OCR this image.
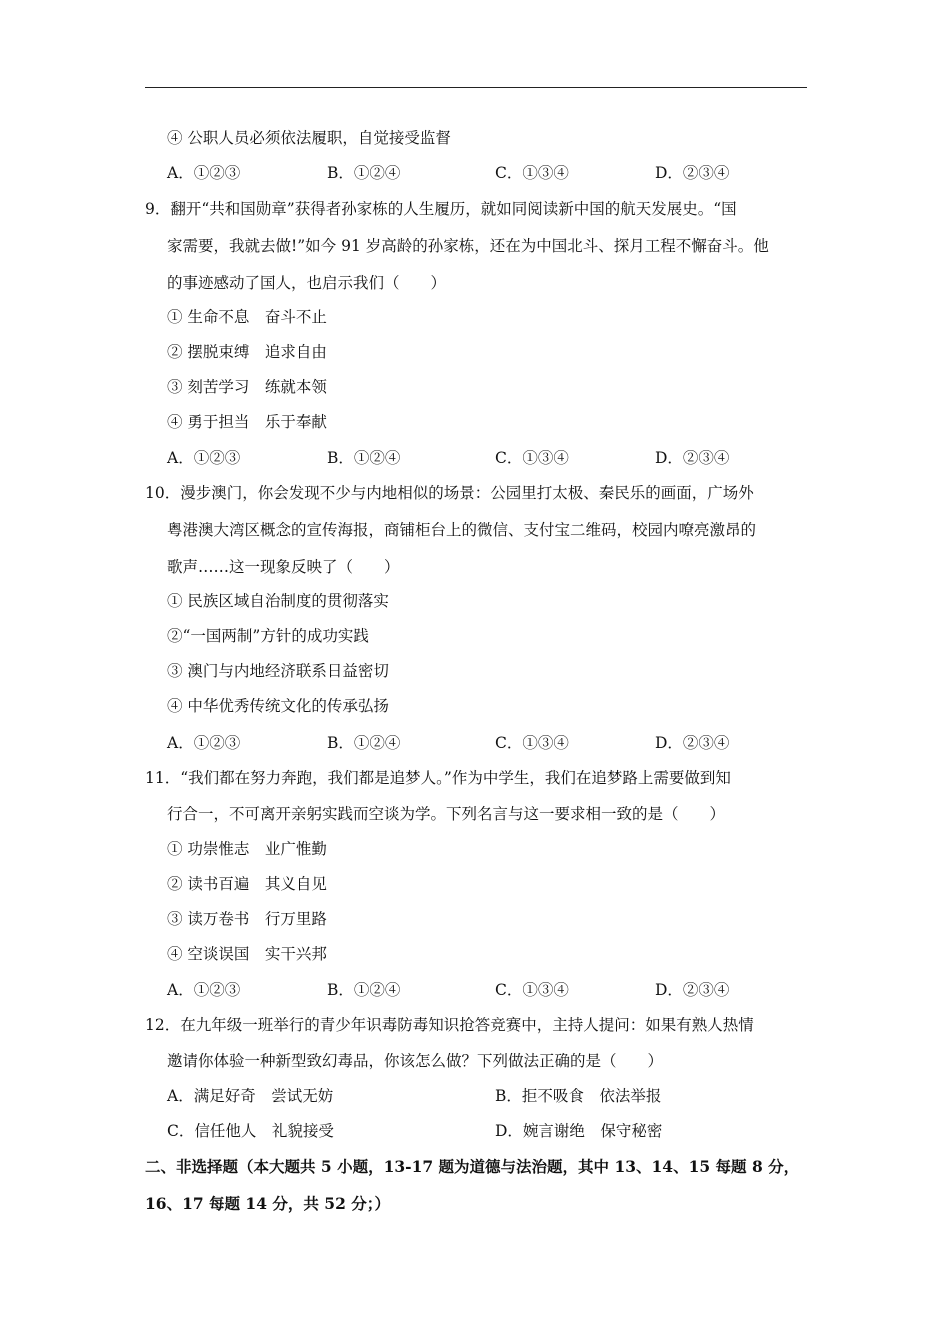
④ 公职人员必须依法履职，自觉接受监督
A．①②③	B．①②④	C．①③④	D．②③④
9．翻开“共和国勋章”获得者孙家栋的人生履历，就如同阅读新中国的航天发展史。“国
家需要，我就去做!”如今 91 岁高龄的孙家栋，还在为中国北斗、探月工程不懈奋斗。他
的事迹感动了国人，也启示我们（　　）
① 生命不息　奋斗不止
② 摆脱束缚　追求自由
③ 刻苦学习　练就本领
④ 勇于担当　乐于奉献
A．①②③	B．①②④	C．①③④	D．②③④
10．漫步澳门，你会发现不少与内地相似的场景：公园里打太极、秦民乐的画面，广场外
粤港澳大湾区概念的宣传海报，商铺柜台上的微信、支付宝二维码，校园内嘹亮激昂的
歌声……这一现象反映了（　　）
① 民族区域自治制度的贯彻落实
②“一国两制”方针的成功实践
③ 澳门与内地经济联系日益密切
④ 中华优秀传统文化的传承弘扬
A．①②③	B．①②④	C．①③④	D．②③④
11．“我们都在努力奔跑，我们都是追梦人。”作为中学生，我们在追梦路上需要做到知
行合一，不可离开亲躬实践而空谈为学。下列名言与这一要求相一致的是（　　）
① 功崇惟志　业广惟勤
② 读书百遍　其义自见
③ 读万卷书　行万里路
④ 空谈误国　实干兴邦
A．①②③	B．①②④	C．①③④	D．②③④
12．在九年级一班举行的青少年识毒防毒知识抢答竞赛中，主持人提问：如果有熟人热情
邀请你体验一种新型致幻毒品，你该怎么做？下列做法正确的是（　　）
A．满足好奇　尝试无妨	B．拒不吸食　依法举报
C．信任他人　礼貌接受	D．婉言谢绝　保守秘密
二、非选择题（本大题共 5 小题，13-17 题为道德与法治题，其中 13、14、15 每题 8 分，
16、17 每题 14 分，共 52 分；）
